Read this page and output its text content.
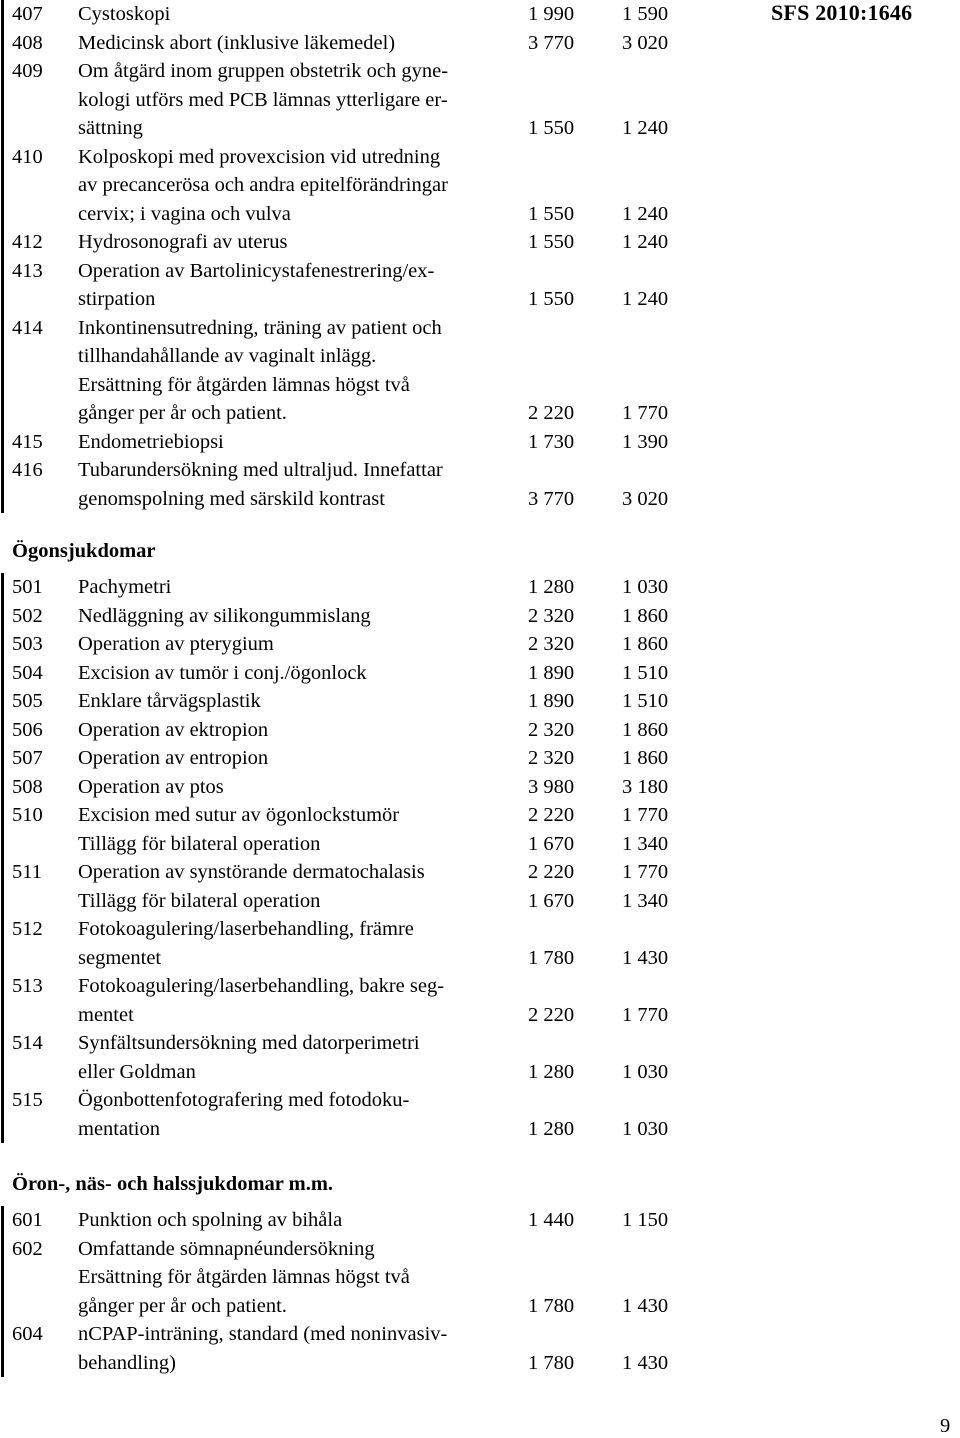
SFS 2010:1646
407 Cystoskopi	1 990 1 590
408 Medicinsk abort (inklusive läkemedel)	3 770 3 020
409 Om åtgärd inom gruppen obstetrik och gyne-
kologi utförs med PCB lämnas ytterligare er-
sättning	1 550 1 240
410 Kolposkopi med provexcision vid utredning
av precancerösa och andra epitelförändringar
cervix; i vagina och vulva	1 550 1 240
412 Hydrosonografi av uterus	1 550 1 240
413 Operation av Bartolinicystafenestrering/ex-
stirpation	1 550 1 240
414 Inkontinensutredning, träning av patient och
tillhandahållande av vaginalt inlägg.
Ersättning för åtgärden lämnas högst två
gånger per år och patient.	2 220 1 770
415 Endometriebiopsi	1 730 1 390
416 Tubarundersökning med ultraljud. Innefattar
genomspolning med särskild kontrast	3 770 3 020
Ögonsjukdomar
501 Pachymetri	1 280 1 030
502 Nedläggning av silikongummislang	2 320 1 860
503 Operation av pterygium	2 320 1 860
504 Excision av tumör i conj./ögonlock	1 890 1 510
505 Enklare tårvägsplastik	1 890 1 510
506 Operation av ektropion	2 320 1 860
507 Operation av entropion	2 320 1 860
508 Operation av ptos	3 980 3 180
510 Excision med sutur av ögonlockstumör	2 220 1 770
Tillägg för bilateral operation	1 670 1 340
511 Operation av synstörande dermatochalasis	2 220 1 770
Tillägg för bilateral operation	1 670 1 340
512 Fotokoagulering/laserbehandling, främre
segmentet	1 780 1 430
513 Fotokoagulering/laserbehandling, bakre seg-
mentet	2 220 1 770
514 Synfältsundersökning med datorperimetri
eller Goldman	1 280 1 030
515 Ögonbottenfotografering med fotodoku-
mentation	1 280 1 030
Öron-, näs- och halssjukdomar m.m.
601 Punktion och spolning av bihåla	1 440 1 150
602 Omfattande sömnapnéundersökning
Ersättning för åtgärden lämnas högst två
gånger per år och patient.	1 780 1 430
604 nCPAP-inträning, standard (med noninvasiv-
behandling)	1 780 1 430
9
